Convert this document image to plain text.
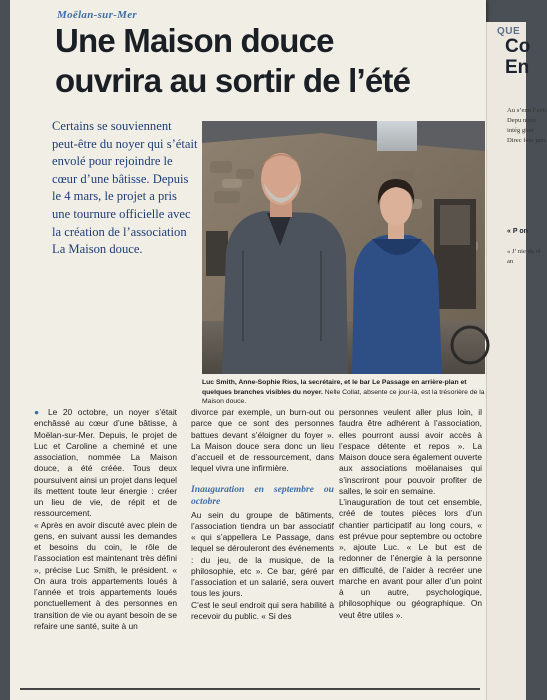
QUE
Co En
Au s’enn l’acti Depu nouv intég giair Direc fem jam
« P on
« J’ nie da ré an
Moëlan-sur-Mer
Une Maison douce
ouvrira au sortir de l’été
Certains se souviennent peut-être du noyer qui s’était envolé pour rejoindre le cœur d’une bâtisse. Depuis le 4 mars, le projet a pris une tournure officielle avec la création de l’association La Maison douce.
Luc Smith, Anne-Sophie Rios, la secrétaire, et le bar Le Passage en arrière-plan et quelques branches visibles du noyer. Nelle Collat, absente ce jour-là, est la trésorière de la Maison douce.

● Le 20 octobre, un noyer s’était enchâssé au cœur d’une bâtisse, à Moëlan-sur-Mer. Depuis, le projet de Luc et Caroline a cheminé et une association, nommée La Maison douce, a été créée. Tous deux poursuivent ainsi un projet dans lequel ils mettent toute leur énergie : créer un lieu de vie, de répit et de ressourcement.

« Après en avoir discuté avec plein de gens, en suivant aussi les demandes et besoins du coin, le rôle de l’association est maintenant très défini », précise Luc Smith, le président. « On aura trois appartements loués à l’année et trois appartements loués ponctuellement à des personnes en transition de vie ou ayant besoin de se refaire une santé, suite à un

divorce par exemple, un burn-out ou parce que ce sont des personnes battues devant s’éloigner du foyer ». La Maison douce sera donc un lieu d’accueil et de ressourcement, dans lequel vivra une infirmière.

Inauguration en septembre ou octobre

Au sein du groupe de bâtiments, l’association tiendra un bar associatif « qui s’appellera Le Passage, dans lequel se dérouleront des événements : du jeu, de la musique, de la philosophie, etc ». Ce bar, géré par l’association et un salarié, sera ouvert tous les jours.

C’est le seul endroit qui sera habilité à recevoir du public. « Si des

personnes veulent aller plus loin, il faudra être adhérent à l’association, elles pourront aussi avoir accès à l’espace détente et repos ». La Maison douce sera également ouverte aux associations moëlanaises qui s’inscriront pour pouvoir profiter de salles, le soir en semaine.

L’inauguration de tout cet ensemble, créé de toutes pièces lors d’un chantier participatif au long cours, « est prévue pour septembre ou octobre », ajoute Luc. « Le but est de redonner de l’énergie à la personne en difficulté, de l’aider à recréer une marche en avant pour aller d’un point à un autre, psychologique, philosophique ou géographique. On veut être utiles ».
